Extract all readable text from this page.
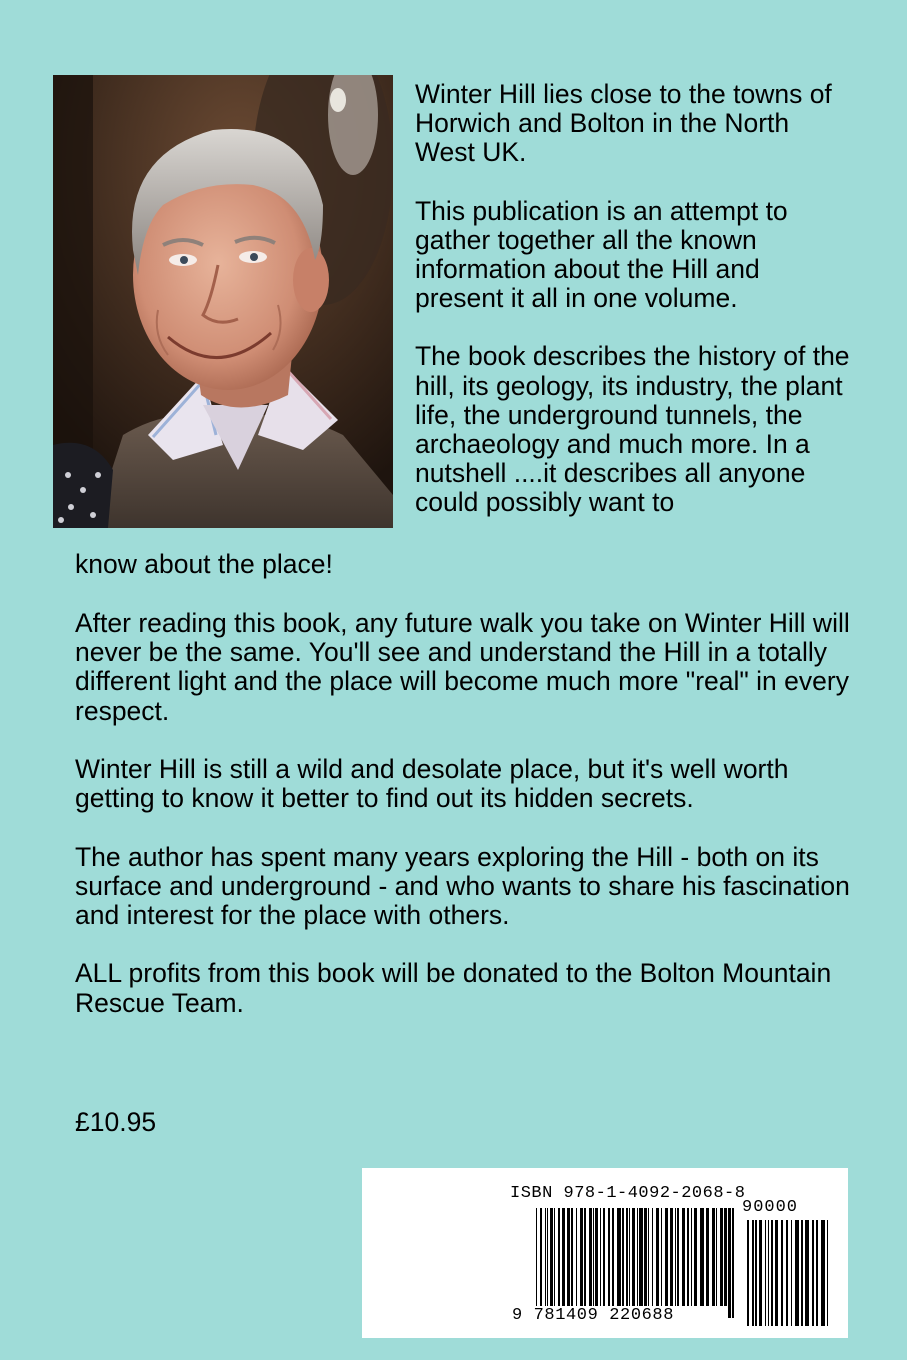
Winter Hill lies close to the towns of Horwich and Bolton in the North West UK.

This publication is an attempt to gather together all the known information about the Hill and present it all in one volume.

The book describes the history of the hill, its geology, its industry, the plant life, the underground tunnels, the archaeology and much more. In a nutshell ....it describes all anyone could possibly want to

know about the place!

After reading this book, any future walk you take on Winter Hill will never be the same. You'll see and understand the Hill in a totally different light and the place will become much more "real" in every respect.

Winter Hill is still a wild and desolate place, but it's well worth getting to know it better to find out its hidden secrets.

The author has spent many years exploring the Hill - both on its surface and underground - and who wants to share his fascination and interest for the place with others.

ALL profits from this book will be donated to the Bolton Mountain Rescue Team.

£10.95
ISBN 978-1-4092-2068-8
90000
9 781409 220688
